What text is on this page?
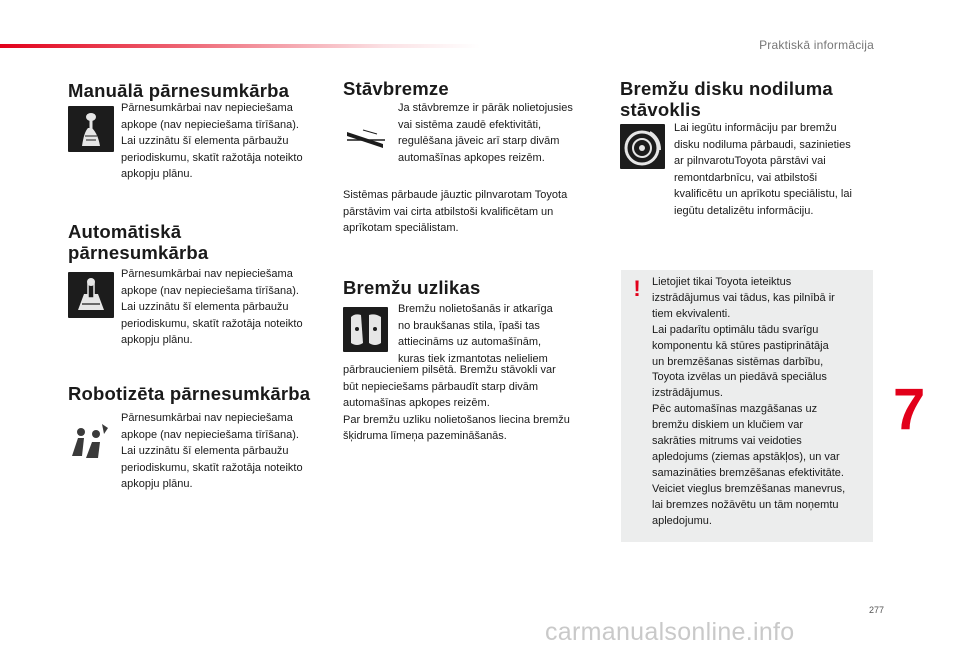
Praktiskā informācija
Manuālā pārnesumkārba
Pārnesumkārbai nav nepieciešama
apkope (nav nepieciešama tīrīšana).
Lai uzzinātu šī elementa pārbaužu
periodiskumu, skatīt ražotāja noteikto
apkopju plānu.
Automātiskā
pārnesumkārba
Pārnesumkārbai nav nepieciešama
apkope (nav nepieciešama tīrīšana).
Lai uzzinātu šī elementa pārbaužu
periodiskumu, skatīt ražotāja noteikto
apkopju plānu.
Robotizēta pārnesumkārba
Pārnesumkārbai nav nepieciešama
apkope (nav nepieciešama tīrīšana).
Lai uzzinātu šī elementa pārbaužu
periodiskumu, skatīt ražotāja noteikto
apkopju plānu.
Stāvbremze
Ja stāvbremze ir pārāk nolietojusies
vai sistēma zaudē efektivitāti,
regulēšana jāveic arī starp divām
automašīnas apkopes reizēm.
Sistēmas pārbaude jāuztic pilnvarotam Toyota
pārstāvim vai cirta atbilstoši kvalificētam un
aprīkotam speciālistam.
Bremžu uzlikas
Bremžu nolietošanās ir atkarīga
no braukšanas stila, īpaši tas
attiecināms uz automašīnām,
kuras tiek izmantotas nelieliem
pārbraucieniem pilsētā. Bremžu stāvokli var
būt nepieciešams pārbaudīt starp divām
automašīnas apkopes reizēm.
Par bremžu uzliku nolietošanos liecina bremžu
šķidruma līmeņa pazemināšanās.
Bremžu disku nodiluma
stāvoklis
Lai iegūtu informāciju par bremžu
disku nodiluma pārbaudi, sazinieties
ar pilnvarotuToyota pārstāvi vai
remontdarbnīcu, vai atbilstoši
kvalificētu un aprīkotu speciālistu, lai
iegūtu detalizētu informāciju.
! Lietojiet tikai Toyota ieteiktus
izstrādājumus vai tādus, kas pilnībā ir
tiem ekvivalenti.
Lai padarītu optimālu tādu svarīgu
komponentu kā stūres pastiprinātāja
un bremzēšanas sistēmas darbību,
Toyota izvēlas un piedāvā speciālus
izstrādājumus.
Pēc automašīnas mazgāšanas uz
bremžu diskiem un klučiem var
sakrāties mitrums vai veidoties
apledojums (ziemas apstākļos), un var
samazināties bremzēšanas efektivitāte.
Veiciet vieglus bremzēšanas manevrus,
lai bremzes nožāvētu un tām noņemtu
apledojumu.
7
277
carmanualsonline.info
